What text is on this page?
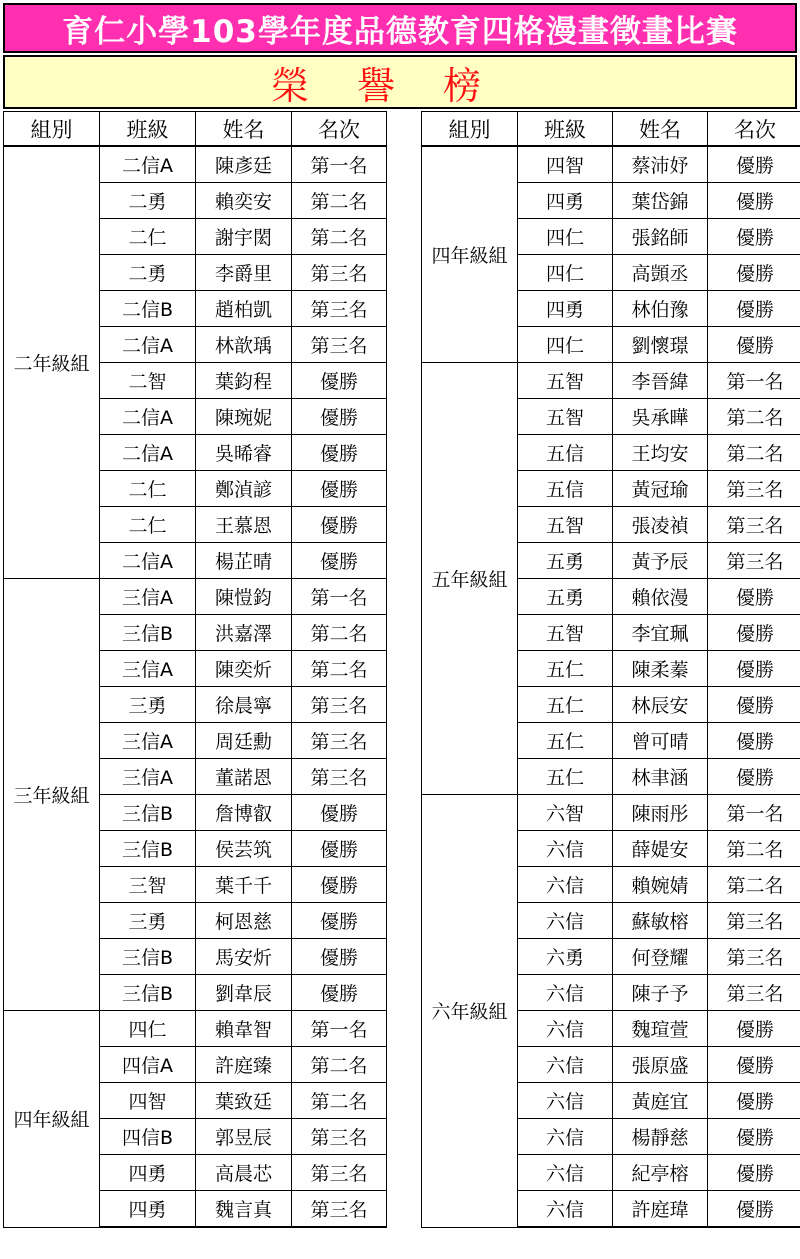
育仁小學103學年度品德教育四格漫畫徵畫比賽
榮譽榜
組別	班級	姓名	名次		組別	班級	姓名	名次
二年級組	二信A	陳彥廷	第一名		四年級組	四智	蔡沛妤	優勝
	二勇	賴奕安	第二名			四勇	葉岱錦	優勝
	二仁	謝宇閎	第二名			四仁	張銘師	優勝
	二勇	李爵里	第三名			四仁	高顗丞	優勝
	二信B	趙柏凱	第三名			四勇	林伯豫	優勝
	二信A	林歆瑀	第三名			四仁	劉懷璟	優勝
	二智	葉鈞程	優勝		五年級組	五智	李晉緯	第一名
	二信A	陳琬妮	優勝			五智	吳承曄	第二名
	二信A	吳晞睿	優勝			五信	王均安	第二名
	二仁	鄭湞諺	優勝			五信	黃冠瑜	第三名
	二仁	王慕恩	優勝			五智	張凌禎	第三名
	二信A	楊芷晴	優勝			五勇	黃予辰	第三名
三年級組	三信A	陳愷鈞	第一名			五勇	賴依漫	優勝
	三信B	洪嘉澤	第二名			五智	李宜珮	優勝
	三信A	陳奕炘	第二名			五仁	陳柔蓁	優勝
	三勇	徐晨寧	第三名			五仁	林辰安	優勝
	三信A	周廷勳	第三名			五仁	曾可晴	優勝
	三信A	董諾恩	第三名			五仁	林聿涵	優勝
	三信B	詹博叡	優勝		六年級組	六智	陳雨彤	第一名
	三信B	侯芸筑	優勝			六信	薛媞安	第二名
	三智	葉千千	優勝			六信	賴婉婧	第二名
	三勇	柯恩慈	優勝			六信	蘇敏榕	第三名
	三信B	馬安炘	優勝			六勇	何登耀	第三名
	三信B	劉韋辰	優勝			六信	陳子予	第三名
四年級組	四仁	賴韋智	第一名			六信	魏瑄萱	優勝
	四信A	許庭臻	第二名			六信	張原盛	優勝
	四智	葉致廷	第二名			六信	黃庭宜	優勝
	四信B	郭昱辰	第三名			六信	楊靜慈	優勝
	四勇	高晨芯	第三名			六信	紀亭榕	優勝
	四勇	魏言真	第三名			六信	許庭瑋	優勝
